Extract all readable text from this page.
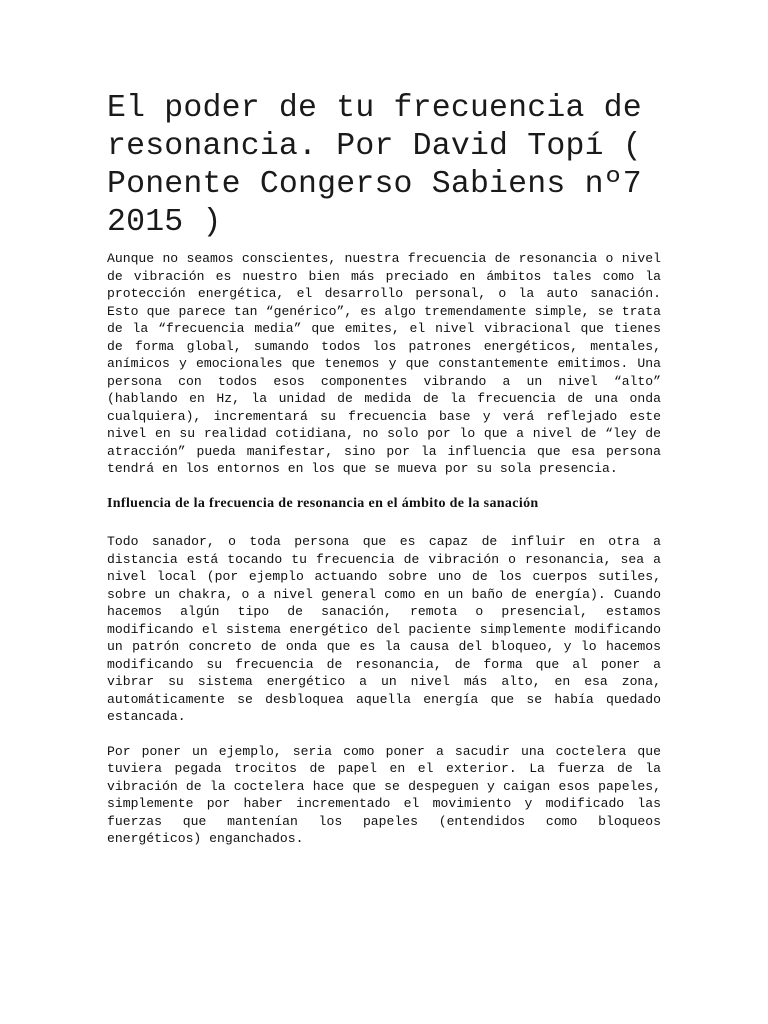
El poder de tu frecuencia de resonancia. Por David Topí ( Ponente Congerso Sabiens nº7 2015 )

Aunque no seamos conscientes, nuestra frecuencia de resonancia o nivel de vibración es nuestro bien más preciado en ámbitos tales como la protección energética, el desarrollo personal, o la auto sanación. Esto que parece tan “genérico”, es algo tremendamente simple, se trata de la “frecuencia media” que emites, el nivel vibracional que tienes de forma global, sumando todos los patrones energéticos, mentales, anímicos y emocionales que tenemos y que constantemente emitimos. Una persona con todos esos componentes vibrando a un nivel “alto” (hablando en Hz, la unidad de medida de la frecuencia de una onda cualquiera), incrementará su frecuencia base y verá reflejado este nivel en su realidad cotidiana, no solo por lo que a nivel de “ley de atracción” pueda manifestar, sino por la influencia que esa persona tendrá en los entornos en los que se mueva por su sola presencia.

Influencia de la frecuencia de resonancia en el ámbito de la sanación

Todo sanador, o toda persona que es capaz de influir en otra a distancia está tocando tu frecuencia de vibración o resonancia, sea a nivel local (por ejemplo actuando sobre uno de los cuerpos sutiles, sobre un chakra, o a nivel general como en un baño de energía). Cuando hacemos algún tipo de sanación, remota o presencial, estamos modificando el sistema energético del paciente simplemente modificando un patrón concreto de onda que es la causa del bloqueo, y lo hacemos modificando su frecuencia de resonancia, de forma que al poner a vibrar su sistema energético a un nivel más alto, en esa zona, automáticamente se desbloquea aquella energía que se había quedado estancada.

Por poner un ejemplo, seria como poner a sacudir una coctelera que tuviera pegada trocitos de papel en el exterior. La fuerza de la vibración de la coctelera hace que se despeguen y caigan esos papeles, simplemente por haber incrementado el movimiento y modificado las fuerzas que mantenían los papeles (entendidos como bloqueos energéticos) enganchados.
